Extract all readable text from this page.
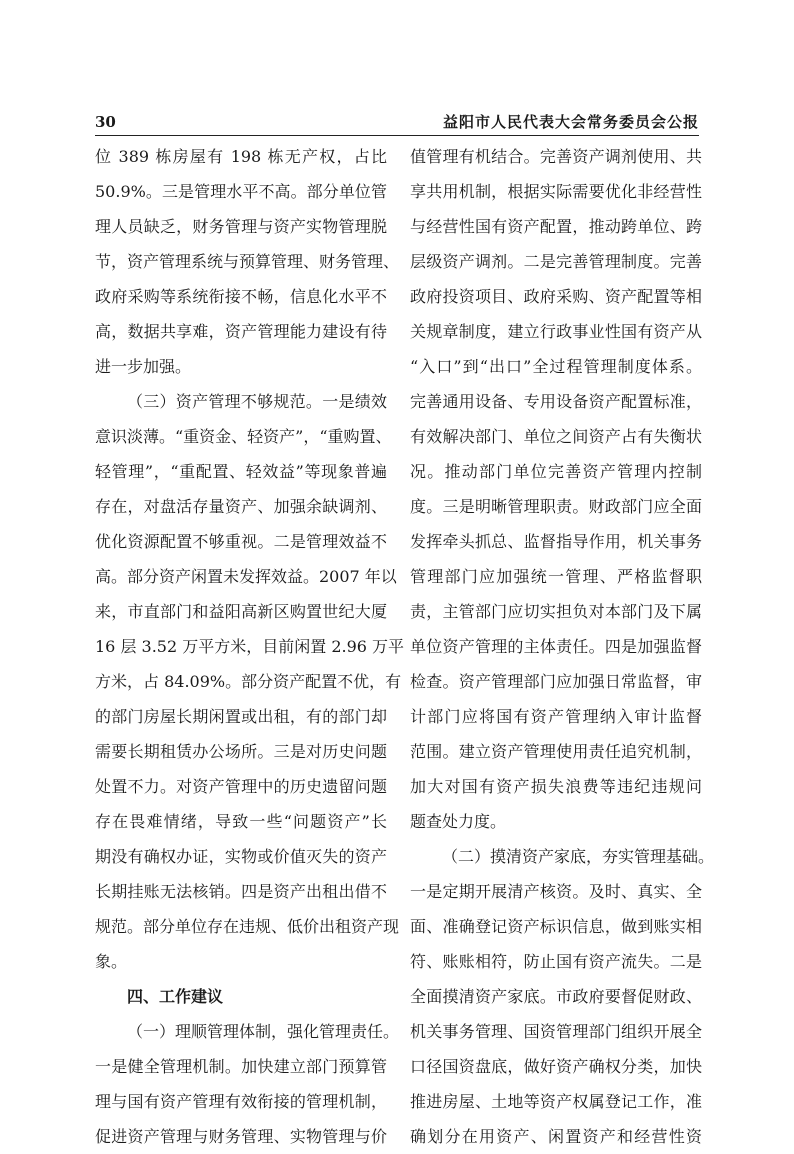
30	益阳市人民代表大会常务委员会公报
位 389 栋房屋有 198 栋无产权，占比
50.9%。三是管理水平不高。部分单位管
理人员缺乏，财务管理与资产实物管理脱
节，资产管理系统与预算管理、财务管理、
政府采购等系统衔接不畅，信息化水平不
高，数据共享难，资产管理能力建设有待
进一步加强。
（三）资产管理不够规范。一是绩效
意识淡薄。“重资金、轻资产”，“重购置、
轻管理”，“重配置、轻效益”等现象普遍
存在，对盘活存量资产、加强余缺调剂、
优化资源配置不够重视。二是管理效益不
高。部分资产闲置未发挥效益。2007 年以
来，市直部门和益阳高新区购置世纪大厦
16 层 3.52 万平方米，目前闲置 2.96 万平
方米，占 84.09%。部分资产配置不优，有
的部门房屋长期闲置或出租，有的部门却
需要长期租赁办公场所。三是对历史问题
处置不力。对资产管理中的历史遗留问题
存在畏难情绪，导致一些“问题资产”长
期没有确权办证，实物或价值灭失的资产
长期挂账无法核销。四是资产出租出借不
规范。部分单位存在违规、低价出租资产现
象。
四、工作建议
（一）理顺管理体制，强化管理责任。
一是健全管理机制。加快建立部门预算管
理与国有资产管理有效衔接的管理机制，
促进资产管理与财务管理、实物管理与价
值管理有机结合。完善资产调剂使用、共
享共用机制，根据实际需要优化非经营性
与经营性国有资产配置，推动跨单位、跨
层级资产调剂。二是完善管理制度。完善
政府投资项目、政府采购、资产配置等相
关规章制度，建立行政事业性国有资产从
“入口”到“出口”全过程管理制度体系。
完善通用设备、专用设备资产配置标准，
有效解决部门、单位之间资产占有失衡状
况。推动部门单位完善资产管理内控制
度。三是明晰管理职责。财政部门应全面
发挥牵头抓总、监督指导作用，机关事务
管理部门应加强统一管理、严格监督职
责，主管部门应切实担负对本部门及下属
单位资产管理的主体责任。四是加强监督
检查。资产管理部门应加强日常监督，审
计部门应将国有资产管理纳入审计监督
范围。建立资产管理使用责任追究机制，
加大对国有资产损失浪费等违纪违规问
题查处力度。
（二）摸清资产家底，夯实管理基础。
一是定期开展清产核资。及时、真实、全
面、准确登记资产标识信息，做到账实相
符、账账相符，防止国有资产流失。二是
全面摸清资产家底。市政府要督促财政、
机关事务管理、国资管理部门组织开展全
口径国资盘底，做好资产确权分类，加快
推进房屋、土地等资产权属登记工作，准
确划分在用资产、闲置资产和经营性资
